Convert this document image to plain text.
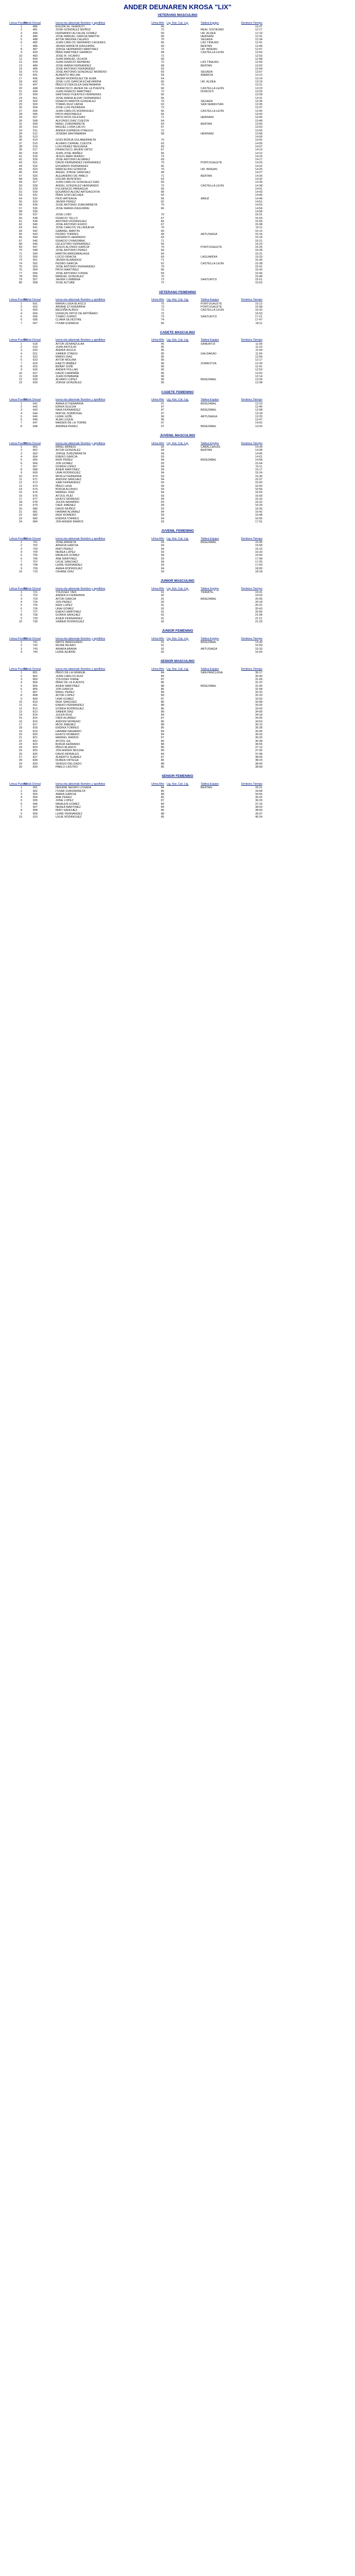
ANDER DEUNAREN KROSA "LIX"
VETERANO MASCULINO
Lekua Puesto
Bibluk Dorsal	Izena eta abizenak Nombre y apellidos	Urtea Año Lig. Kat. Cat. Lig.	Taldea Equipo	Denbora Tiempo
1	485	EGUZKI EL GHAOUTI	66	12:07
2	481	JOSE GONZALEZ MUÑOZ	72	REAL SOCIEDAD	12:17
3	496	FERNANDO ALCALDE GOMEZ	59	UR. ALDEA	12:19
4	480	JOSE MANUEL GARCIA MARTIN	66	HERNANI	12:31
5	488	AITOR MEDINA CALERO	70	SEGADA	12:34
6	482	JUAN CARLOS SERRANO CACERES	66	LAS TINAJAS	12:41
7	486	JAVIER ARRIETA IZAGUIRRE	69	BERTAN	12:46
8	487	JORGE HERNANDO MARTINEZ	72	UR. BIDEAN	12:47
9	493	IÑAKI MARTINEZ GARBIZU	68	CASTELLA LEON	12:50
10	483	JOSE M. VICARIO	72	12:53
11	490	JUAN MANUEL OCHOA	69	12:58
12	494	JUAN IGNACIO REPARAZ	72	LAS TINAJAS	12:59
13	489	JOSE MARIA FERNANDEZ	68	BERTAN	13:02
14	484	JOSE ANTONIO FERNANDEZ	63	13:04
15	479	JOSE ANTONIO GONZALEZ MORENO	69	SEGADA	13:07
16	491	ALBERTO MILLAN	69	AMAROA	13:12
17	495	JAVIER RODRIGUEZ DE ALBA	64	13:14
18	492	JOSE LUIS GARCIA ECHEVARRIA	66	UR. ALDEA	13:19
19	497	IÑIGO ETXEKOLEA SANTAMARIA	70	13:21
20	498	FRANCISCO JAVIER DE LA PUENTE	60	CASTELLA LEON	13:23
21	499	JUAN IGNACIO MARTINEZ	72	DONOSTI	13:26
22	500	SANTIAGO FUENTES FERRERAS	66	13:28
23	501	JOSE MARIA ALDAY FERNANDEZ	65	13:31
24	502	IGNACIO MARTIN GONZALEZ	70	SEGADA	13:34
25	503	TOMAS RUIZ URDIA	63	SAN SEBASTIAN	13:35
26	504	JOSE LUIS PEDRERA	72	13:37
27	505	JUAN CARLOS RODRIGUEZ	65	CASTELLA LEON	13:40
28	506	PATXI ANDONEGUI	66	13:42
29	507	PATXI RIOS IGLESIAS	71	HERNANI	13:45
30	508	ALFONSO DIAZ CUESTA	64	13:48
31	509	MIKEL ZUBIZARRETA	69	BERTAN	13:50
32	510	MIGUEL LORA CALVO	67	13:53
33	511	ANDER ESPARZA OTAEGUI	72	13:55
34	512	JOSEBA SANTAMARIA	58	HERNANI	13:58
35	513	14:00
36	514	GOIO BORJA SOLABERRIETA	70	14:02
37	515	ALVARO CERRAL CUESTA	63	14:05
38	516	LUIS PEREZ REGUERA	69	14:07
39	517	FRANCISCO JAVIER ORTIZ	67	14:10
40	518	JUAN JOSE IBAÑEZ	66	14:12
41	519	JESUS MARI IRANZU	73	14:15
42	520	JOSE ANTONIO ALVAREZ	69	14:17
43	521	DAVID FERNANDEZ FERNANDEZ	70	PORTUGALETE	14:20
44	522	EDUARDO FERNANDEZ	65	14:22
45	523	MARCELINO GORDOA	70	UR. BIDEAN	14:25
46	524	ANGEL JORGE SANCHEZ	68	14:27
47	525	ALEJANDRO DE PABLO	71	BERTAN	14:30
48	526	OSCAR MONTERO	63	14:32
49	527	JUAN CARLOS GONZALEZ DIAZ	69	14:35
50	528	ANGEL GONZALEZ HERNANDO	72	CASTELLA LEON	14:38
51	529	FULGENCIO PANIAGUA	66	14:41
52	530	EDUARDO ALDAZ ARTEAGOITIA	68	14:43
53	531	IÑAKI GOICOECHEA	64	14:46
54	532	PEIO ARTEAGA	66	AREIZ	14:48
55	533	JAVIER PEREZ	62	14:51
56	534	JOSE ANTONIO ZUBIZARRETA	70	14:53
57	535	JOSE MARIA IZAGUIRRE	66	14:56
58	536	14:58
59	537	JOSE LOIDI	70	15:01
60	538	IGNACIO TELLO	67	15:03
61	539	ANTONIO RODRIGUEZ	66	15:06
62	540	JOSE ANTONIO EGIDO	67	15:08
63	541	JOSE CARLOS VILLANUEVA	70	15:11
64	542	GABRIEL MARTIN	69	15:13
65	543	PEDRO TORRES	68	ARTUSIAGA	15:16
66	544	FEDERICO HERRERO	63	15:18
67	545	IGNACIO OYARZABAL	71	15:21
68	546	CELESTINO FERNANDEZ	65	15:23
69	547	JESUS ALONSO GARCIA	70	PORTUGALETE	15:26
70	548	JOSE ANTONIO PEREZ	66	15:28
71	549	MARTIN ARRIZABALAGA	64	15:31
72	550	LUCIO GRACIA	69	LAGUARDIA	15:33
73	551	JAVIER ALBANDOZ	71	15:36
74	552	PEDRO GARCIA	62	CASTELLA LEON	15:38
75	553	JOSE ANTONIO FERNANDEZ	70	15:41
76	554	PATXI MARTINEZ	66	15:43
77	555	JOSE ANTONIO CONDE	59	15:46
78	556	MANUEL GONZALEZ	70	15:48
79	557	JAVIER LOMBERA	72	SANTURTZI	15:51
80	558	JOSE ALTUBE	72	15:53
VETERANO FEMENINO
Lekua Puesto
Bibluk Dorsal	Izena eta abizenak Nombre y apellidos	Urtea Año Lig. Kat. Cat. Lig.	Taldea Equipo	Denbora Tiempo
1	601	MARIA LUISA BLASCO	75	PORTUGALETE	15:12
2	602	ARIANE ETXEBARRIA	73	PORTUGALETE	15:58
3	603	BEGOÑA ALBIZU	72	CASTELLA LEON	16:32
4	604	IZASKUN ORTIZ DE ARTIÑANO	72	16:53
5	605	TXARO ZURRO	73	SANTURTZI	17:21
6	606	CLARA SILVESTRE	74	17:47
7	607	ITZIAR ESPARZA	66	18:11
CADETE MASCULINO
Lekua Puesto
Bibluk Dorsal	Izena eta abizenak Nombre y apellidos	Urtea Año Lig. Kat. Cat. Lig.	Taldea Equipo	Denbora Tiempo
1	618	AITOR ZENANZULAA	95	SAMURTZI	11:09
2	619	JUAN ANTOLIN	95	11:23
3	620	ANDER AXULA	95	11:44
4	621	XABIER OTAEGI	95	GALDAKAO	11:56
5	622	MARIO DIAZ	95	12:04
6	623	AITOR MOLINA	95	12:17
7	624	KAETO IBAÑEZ	96	ZORROTZA	12:30
8	625	BEÑAT GOÑI	96	12:41
9	626	ANDER POLLAN	95	12:53
10	627	DAVID CAMPAÑA	95	13:02
11	628	JUAN DONIBANE	96	13:14
12	629	ALVARO LOPEZ	96	BIDEZABAL	13:26
13	630	JORGE GONZALEZ	95	13:38
CADETE FEMENINO
Lekua Puesto
Bibluk Dorsal	Izena eta abizenak Nombre y apellidos	Urtea Año Lig. Kat. Cat. Lig.	Taldea Equipo	Denbora Tiempo
1	641	AMAIA ETXEBARRIA	97	BIDEZABAL	12:23
2	642	ERIKA IGLESIA	97	12:46
3	643	NAIA FERNANDEZ	97	BIDEZABAL	12:58
4	644	IRATXE SORROSAL	97	13:18
5	645	LEIRE GOÑI	96	ARTUSIAGA	13:33
6	646	ALBA LUQUE	96	13:47
7	647	MAIDER DE LA TORRE	97	14:02
8	648	ANDREA PEREZ	97	BIDEZABAL	14:20
JUVENIL MASCULINO
Lekua Puesto
Bibluk Dorsal	Izena eta abizenak Nombre y apellidos	Urtea Año Lig. Kat. Cat. Lig.	Taldea Equipo	Denbora Tiempo
1	661	MIKEL ARREGI	93	CABALLERIZA	14:30
2	662	AITOR GONZALEZ	94	BERTAN	14:38
3	663	JORGE ZUBIZARRETA	94	14:45
4	664	ENEKO GARCIA	93	14:51
5	665	IKER PEREZ	94	BIDEZABAL	14:58
6	666	JON GOMEZ	93	15:04
7	667	GORKA LOPEZ	94	15:11
8	668	ASIER MARTINEZ	93	15:17
9	669	UNAI RODRIGUEZ	94	15:24
10	670	IBON ETXEBERRIA	93	15:30
11	671	ANDONI SANCHEZ	94	15:37
12	672	XABI FERNANDEZ	93	15:43
13	673	IÑIGO LASA	94	15:50
14	674	BORJA ALONSO	93	15:56
15	675	MARKEL DIAZ	94	16:03
16	676	AITZOL RUIZ	93	16:09
17	677	EKAITZ MORENO	94	16:16
18	678	JULEN NAVARRO	93	16:22
19	679	OIER JIMENEZ	94	16:29
20	680	DAVID MUÑOZ	93	16:35
21	681	HAIMAR ALVAREZ	94	16:42
22	682	IKER ROMERO	93	16:48
23	683	ENDIKA TORRES	94	16:55
24	684	JON ANDER RAMOS	93	17:01
JUVENIL FEMENINO
Lekua Puesto
Bibluk Dorsal	Izena eta abizenak Nombre y apellidos	Urtea Año Lig. Kat. Cat. Lig.	Taldea Equipo	Denbora Tiempo
1	701	JONE ARRIETA	93	BIDEZABAL	15:40
2	702	AINHOA GARCIA	94	15:58
3	703	IRATI PEREZ	94	16:15
4	704	NEREA LOPEZ	93	16:33
5	705	MAIALEN GOMEZ	94	16:50
6	706	ANE MARTINEZ	93	17:08
7	707	UXUE SANCHEZ	94	17:25
8	708	LEIRE FERNANDEZ	93	17:43
9	709	AMAIA RODRIGUEZ	94	18:00
10	710	OIHANE DIAZ	93	18:18
JUNIOR MASCULINO
Lekua Puesto
Bibluk Dorsal	Izena eta abizenak Nombre y apellidos	Urtea Año Lig. Kat. Cat. Lig.	Taldea Equipo	Denbora Tiempo
1	721	YOUSSEF TADI	91	TRAMITE	19:41
2	722	ANDER ETXEBERRIA	92	19:53
3	723	AITOR GARCIA	91	BIDEZABAL	20:06
4	724	JON PEREZ	92	20:18
5	725	IKER LOPEZ	91	20:31
6	726	UNAI GOMEZ	92	20:43
7	727	ENEKO MARTINEZ	91	20:56
8	728	GORKA SANCHEZ	92	21:08
9	729	ASIER FERNANDEZ	91	21:21
10	730	XABIER RODRIGUEZ	92	21:33
JUNIOR FEMENINO
Lekua Puesto
Bibluk Dorsal	Izena eta abizenak Nombre y apellidos	Urtea Año Lig. Kat. Cat. Lig.	Taldea Equipo	Denbora Tiempo
1	741	MAITE IBARGUREN	91	BIDEZABAL	14:30
2	742	IRUNE BILBAO	91	15:00
3	743	AINARA ARANA	92	ARTUSIAGA	15:33
4	744	LEIRE AGIRRE	92	16:04
SENIOR MASCULINO
Lekua Puesto
Bibluk Dorsal	Izena eta abizenak Nombre y apellidos	Urtea Año Lig. Kat. Cat. Lig.	Taldea Equipo	Denbora Tiempo
1	801	IÑIGO DE LA GRANJA	84	SAN PANCLENA	30:17
2	802	JUAN CARLOS RUIZ	89	30:40
3	803	YOUSSEF DIANE	87	31:05
4	804	IÑAKI DE LA FUENTE	85	31:22
5	805	ASIER MARTINEZ	88	BIDEZABAL	31:40
6	806	JON GARCIA	86	31:58
7	807	MIKEL PEREZ	89	32:15
8	808	AITOR LOPEZ	84	32:33
9	809	UNAI GOMEZ	87	32:50
10	810	IKER SANCHEZ	85	33:08
11	811	ENEKO FERNANDEZ	88	33:25
12	812	GORKA RODRIGUEZ	86	33:43
13	813	XABIER DIAZ	89	34:00
14	814	JULEN RUIZ	84	34:18
15	815	OIER ALVAREZ	87	34:35
16	816	ANDONI MORENO	85	34:53
17	817	IBON JIMENEZ	88	35:10
18	818	ENDIKA TORRES	86	35:28
19	819	HAIMAR NAVARRO	89	35:45
20	820	EKAITZ ROMERO	84	36:03
21	821	MARKEL RAMOS	87	36:20
22	822	AITZOL GIL	85	36:38
23	823	BORJA SERRANO	88	36:55
24	824	IÑIGO BLANCO	86	37:13
25	825	JON ANDER MOLINA	89	37:30
26	826	DAVID MORALES	84	37:48
27	827	ALBERTO SUAREZ	87	38:05
28	828	RUBEN ORTEGA	85	38:23
29	829	SERGIO DELGADO	88	38:40
30	830	PABLO CASTRO	86	38:58
SENIOR FEMENINO
Lekua Puesto
Bibluk Dorsal	Izena eta abizenak Nombre y apellidos	Urtea Año Lig. Kat. Cat. Lig.	Taldea Equipo	Denbora Tiempo
1	901	NEKANE NEGRO LOSADA	84	BERTAN	33:21
2	902	ITZIAR ZUBIZARRETA	86	34:08
3	903	AMAIA GARCIA	88	34:55
4	904	ANE PEREZ	85	35:42
5	905	JONE LOPEZ	87	36:29
6	906	MAIALEN GOMEZ	89	37:16
7	907	NEREA MARTINEZ	84	38:03
8	908	IRATI SANCHEZ	86	38:50
9	909	LEIRE FERNANDEZ	88	39:37
10	910	UXUE RODRIGUEZ	85	40:24
